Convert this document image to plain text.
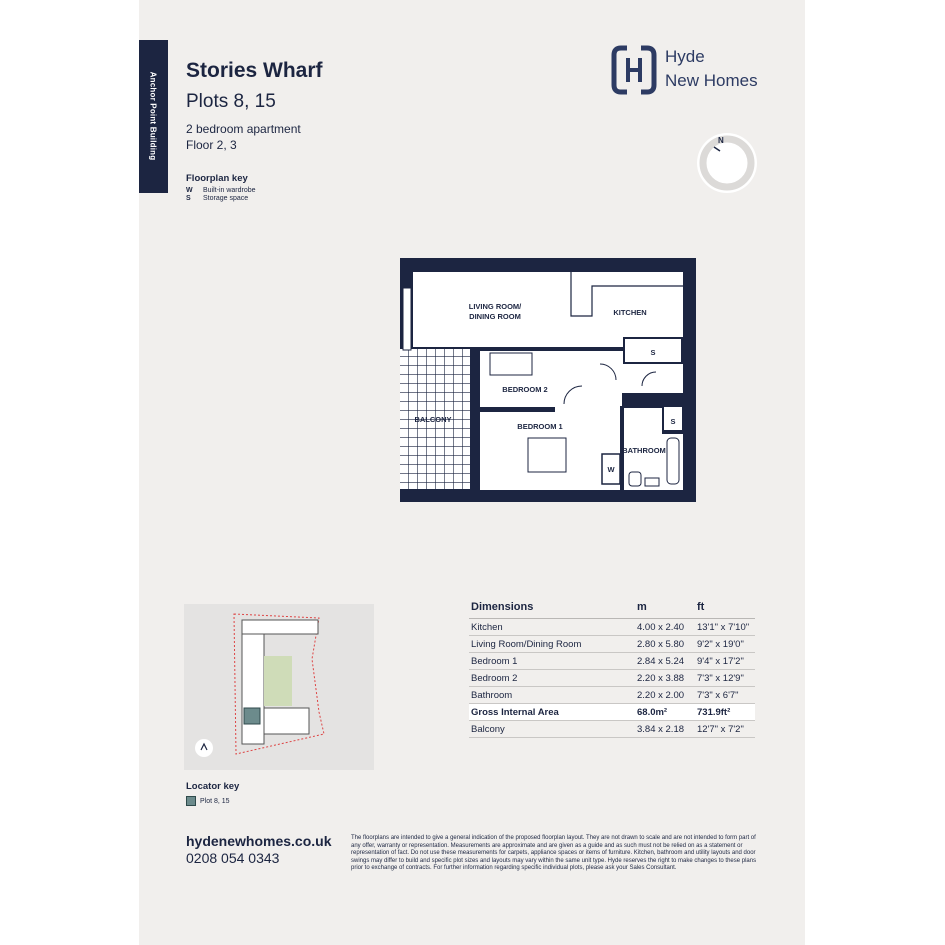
Anchor Point Building
Stories Wharf
Plots 8, 15
2 bedroom apartment
Floor 2, 3
Floorplan key
W Built-in wardrobe
S Storage space
Hyde
New Homes
N
LIVING ROOM/
DINING ROOM	KITCHEN
BEDROOM 2
BALCONY
BEDROOM 1
BATHROOM
S
S
W
Locator key
Plot 8, 15
Dimensions	m	ft
Kitchen	4.00 x 2.40	13'1" x 7'10"
Living Room/Dining Room	2.80 x 5.80	9'2" x 19'0"
Bedroom 1	2.84 x 5.24	9'4" x 17'2"
Bedroom 2	2.20 x 3.88	7'3" x 12'9"
Bathroom	2.20 x 2.00	7'3" x 6'7"
Gross Internal Area	68.0m²	731.9ft²
Balcony	3.84 x 2.18	12'7" x 7'2"
hydenewhomes.co.uk
0208 054 0343
The floorplans are intended to give a general indication of the proposed floorplan layout. They are not drawn to scale and are not intended to form part of any offer, warranty or representation. Measurements are approximate and are given as a guide and as such must not be relied on as a statement or representation of fact. Do not use these measurements for carpets, appliance spaces or items of furniture. Kitchen, bathroom and utility layouts and door swings may differ to build and specific plot sizes and layouts may vary within the same unit type. Hyde reserves the right to make changes to these plans prior to exchange of contracts. For further information regarding specific individual plots, please ask your Sales Consultant.
